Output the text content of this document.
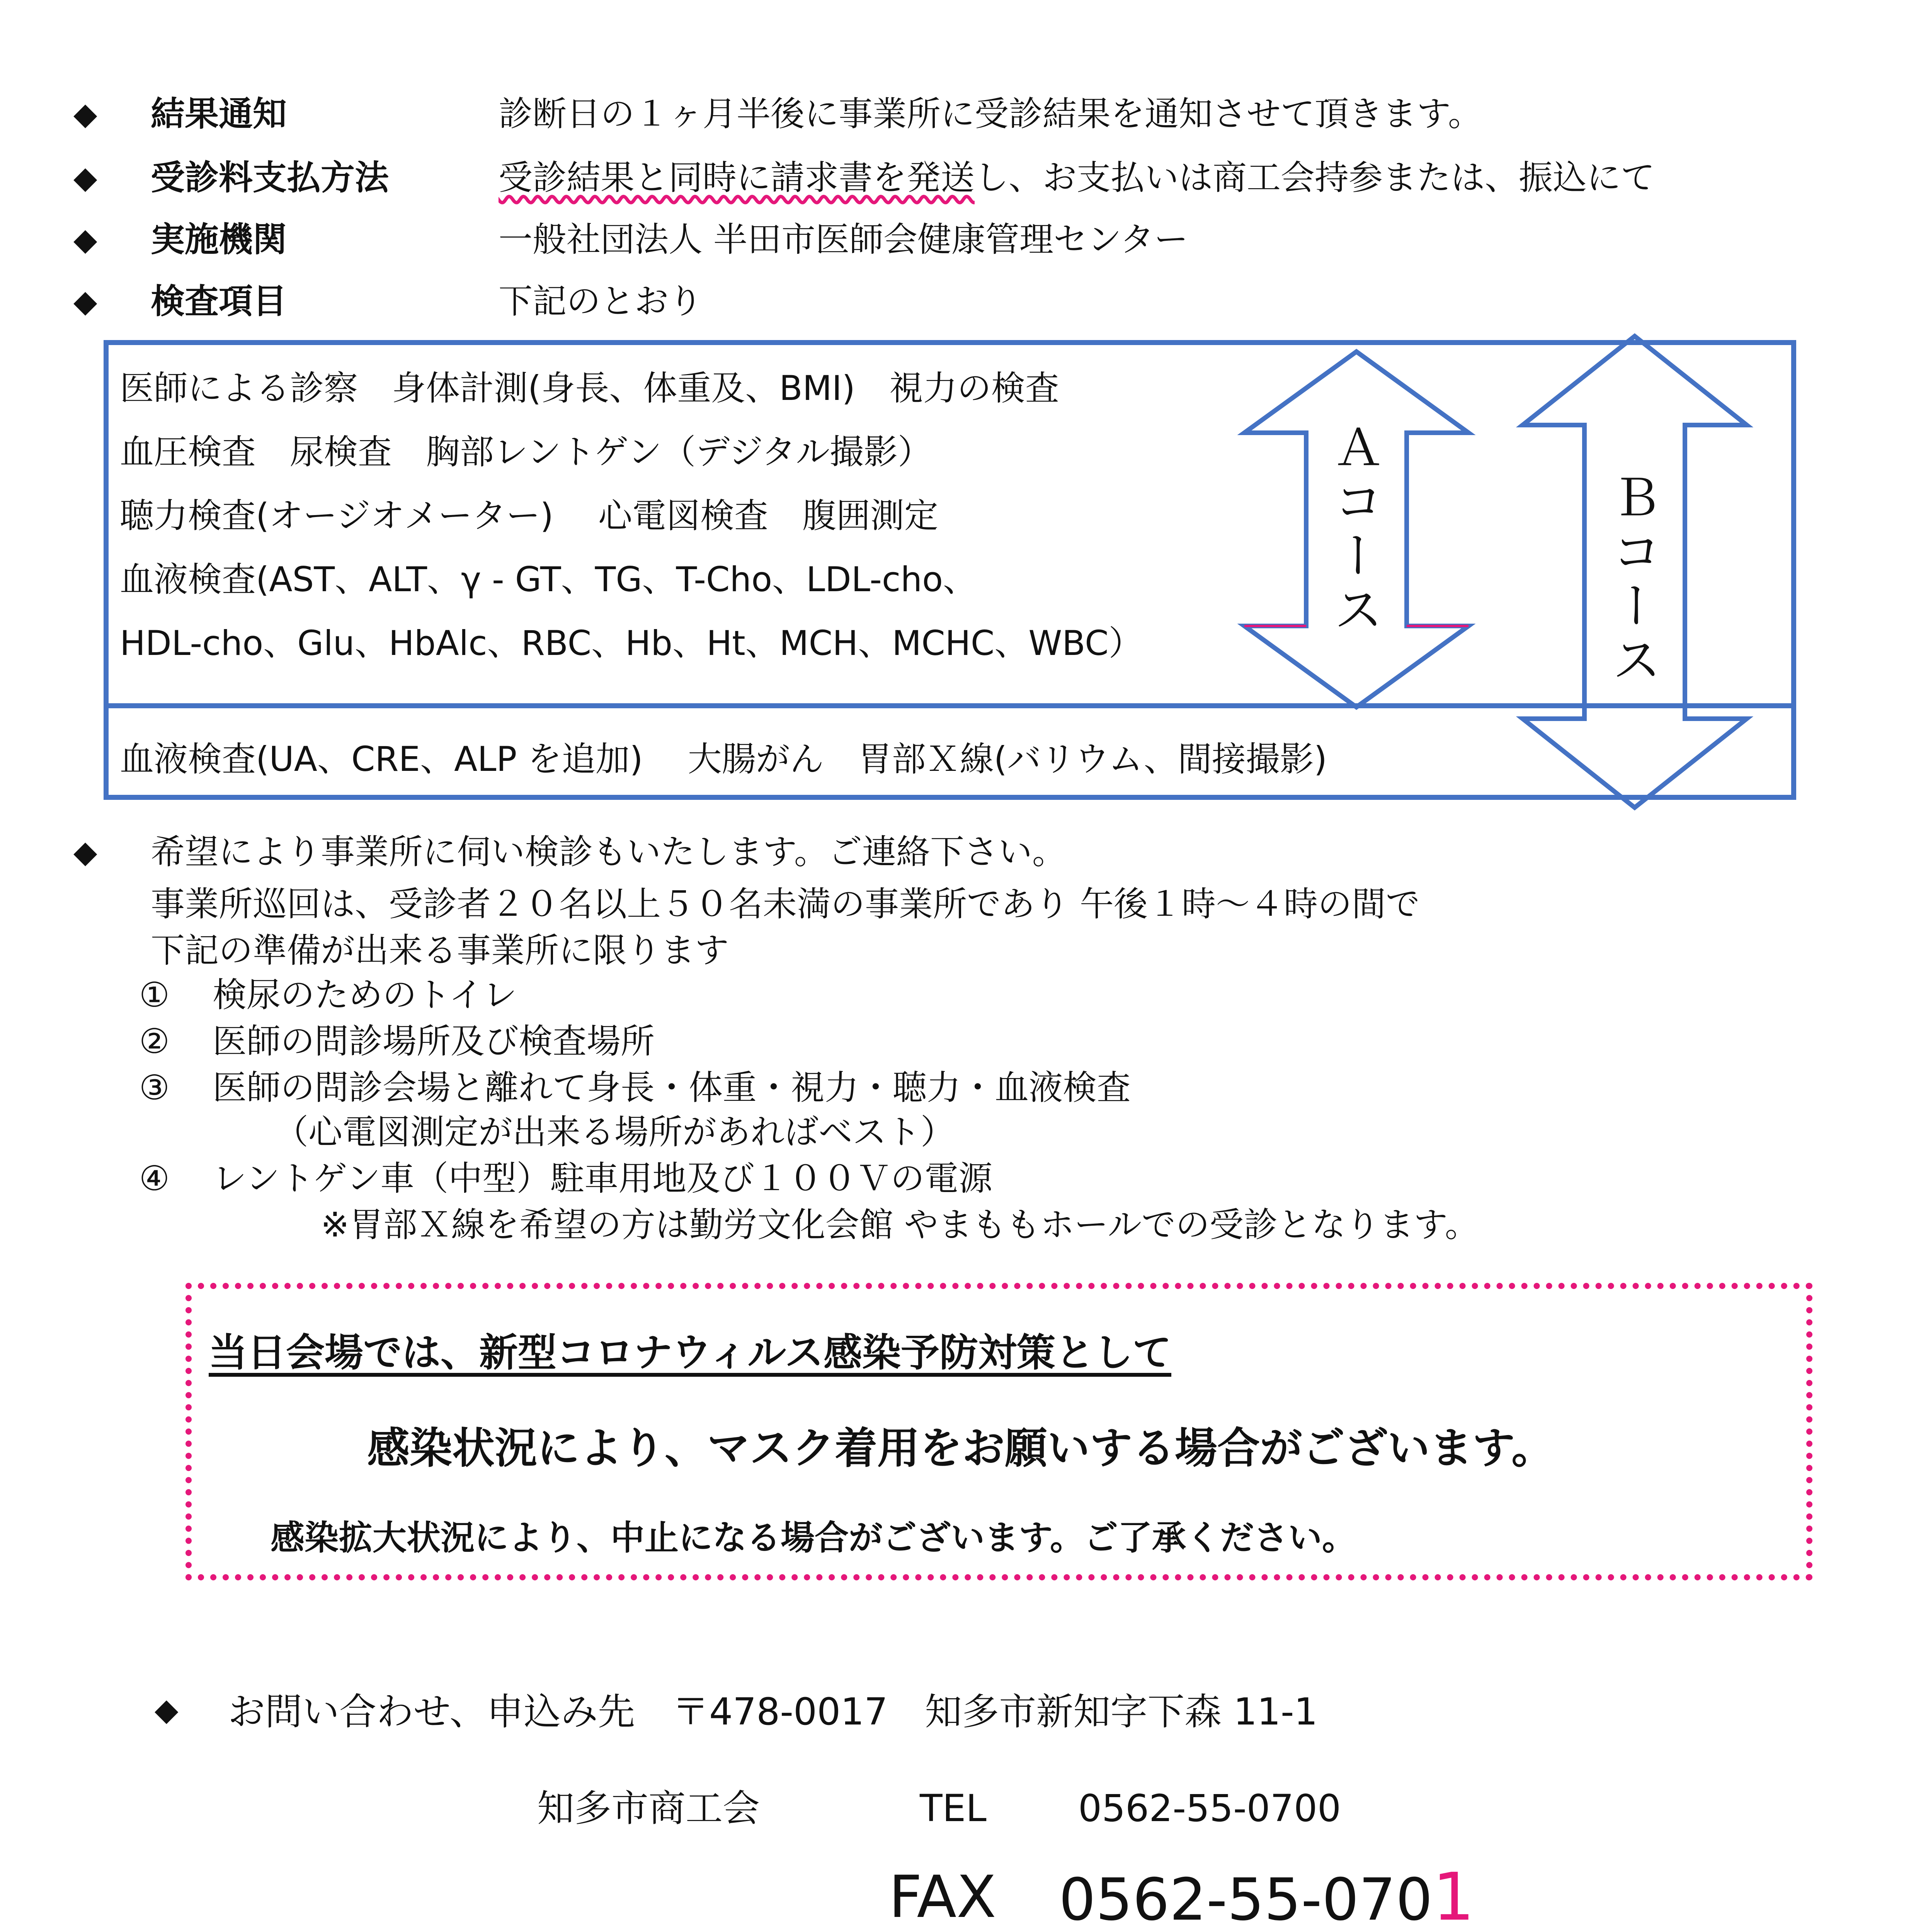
◆ 結果通知	診断日の１ヶ月半後に事業所に受診結果を通知させて頂きます。
◆ 受診料支払方法	受診結果と同時に請求書を発送し、お支払いは商工会持参または、振込にて
◆ 実施機関	一般社団法人 半田市医師会健康管理センター
◆ 検査項目	下記のとおり
医師による診察　身体計測(身長、体重及、BMI)　視力の検査
血圧検査　尿検査　胸部レントゲン（デジタル撮影）
聴力検査(オージオメーター)　 心電図検査　腹囲測定
血液検査(AST、ALT、γ - GT、TG、T-Cho、LDL-cho、
HDL-cho、Glu、HbAlc、RBC、Hb、Ht、MCH、MCHC、WBC）
血液検査(UA、CRE、ALP を追加)　 大腸がん　胃部Ｘ線(バリウム、間接撮影)
Ａコース	Ｂコース
◆ 希望により事業所に伺い検診もいたします。ご連絡下さい。
事業所巡回は、受診者２０名以上５０名未満の事業所であり 午後１時～４時の間で
下記の準備が出来る事業所に限ります
① 検尿のためのトイレ
② 医師の問診場所及び検査場所
③ 医師の問診会場と離れて身長・体重・視力・聴力・血液検査
（心電図測定が出来る場所があればベスト）
④ レントゲン車（中型）駐車用地及び１００Ｖの電源
※胃部Ｘ線を希望の方は勤労文化会館 やまももホールでの受診となります。
当日会場では、新型コロナウィルス感染予防対策として
感染状況により、マスク着用をお願いする場合がございます。
感染拡大状況により、中止になる場合がございます。ご了承ください。
◆ お問い合わせ、申込み先　〒478-0017　知多市新知字下森 11-1
知多市商工会	TEL 0562-55-0700
FAX 0562-55-0701
